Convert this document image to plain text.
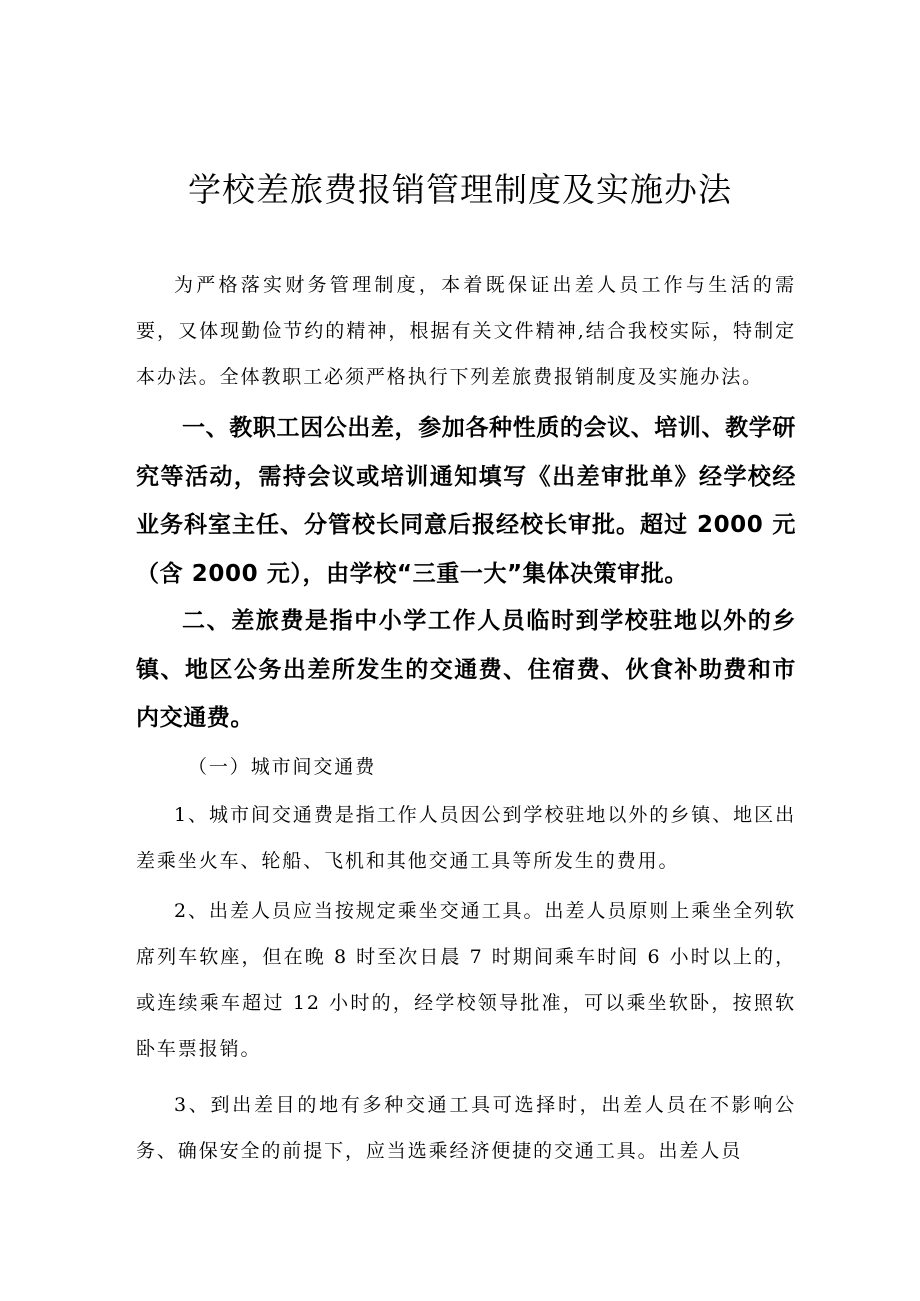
学校差旅费报销管理制度及实施办法

为严格落实财务管理制度，本着既保证出差人员工作与生活的需要，又体现勤俭节约的精神，根据有关文件精神,结合我校实际，特制定本办法。全体教职工必须严格执行下列差旅费报销制度及实施办法。

一、教职工因公出差，参加各种性质的会议、培训、教学研究等活动，需持会议或培训通知填写《出差审批单》经学校经业务科室主任、分管校长同意后报经校长审批。超过 2000 元（含 2000 元），由学校“三重一大”集体决策审批。

二、差旅费是指中小学工作人员临时到学校驻地以外的乡镇、地区公务出差所发生的交通费、住宿费、伙食补助费和市内交通费。

（一）城市间交通费

1、城市间交通费是指工作人员因公到学校驻地以外的乡镇、地区出差乘坐火车、轮船、飞机和其他交通工具等所发生的费用。

2、出差人员应当按规定乘坐交通工具。出差人员原则上乘坐全列软席列车软座，但在晚 8 时至次日晨 7 时期间乘车时间 6 小时以上的，或连续乘车超过 12 小时的，经学校领导批准，可以乘坐软卧，按照软卧车票报销。

3、到出差目的地有多种交通工具可选择时，出差人员在不影响公务、确保安全的前提下，应当选乘经济便捷的交通工具。出差人员
